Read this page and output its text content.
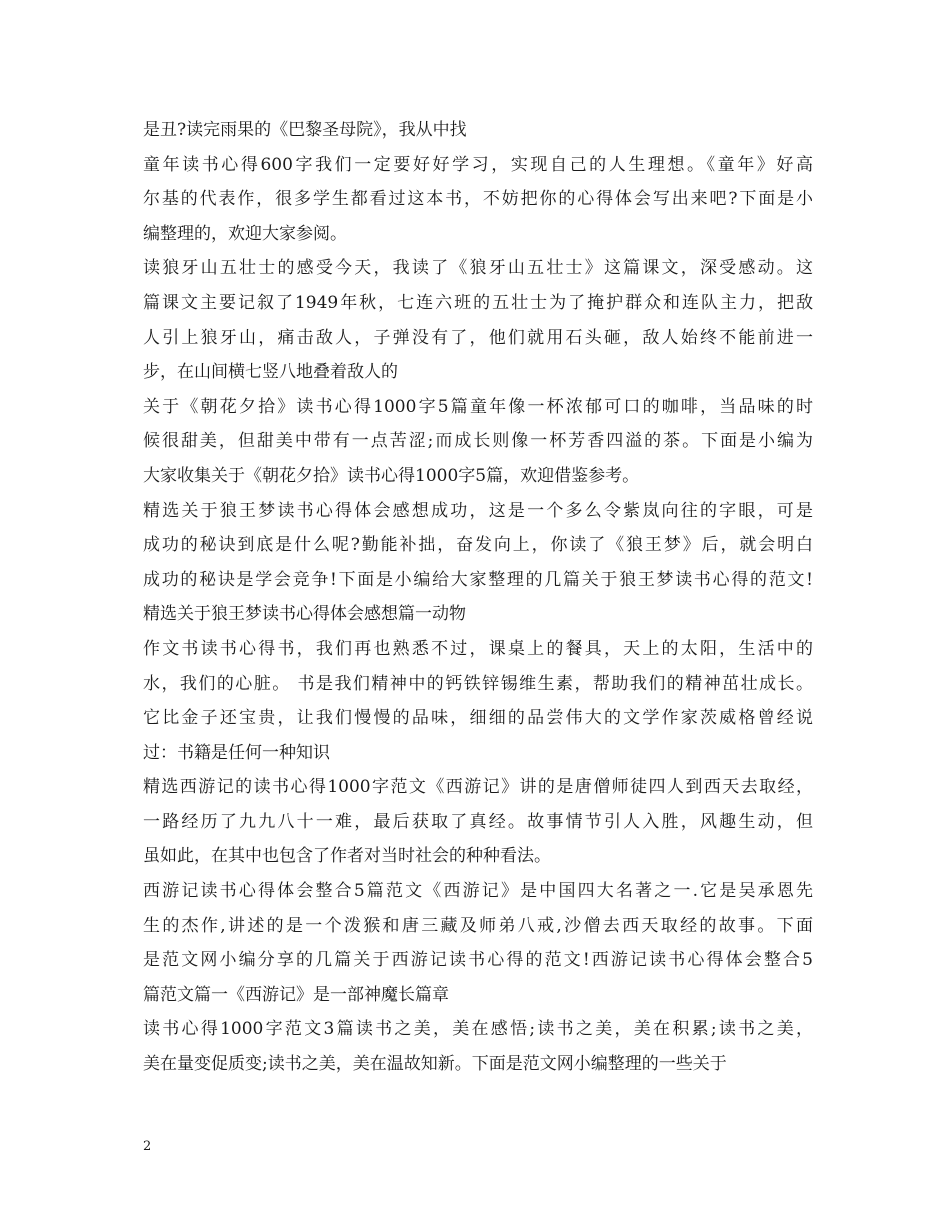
是丑?读完雨果的《巴黎圣母院》，我从中找
童年读书心得600字我们一定要好好学习，实现自己的人生理想。《童年》好高
尔基的代表作，很多学生都看过这本书，不妨把你的心得体会写出来吧?下面是小
编整理的，欢迎大家参阅。
读狼牙山五壮士的感受今天，我读了《狼牙山五壮士》这篇课文，深受感动。这
篇课文主要记叙了1949年秋，七连六班的五壮士为了掩护群众和连队主力，把敌
人引上狼牙山，痛击敌人，子弹没有了，他们就用石头砸，敌人始终不能前进一
步，在山间横七竖八地叠着敌人的
关于《朝花夕拾》读书心得1000字5篇童年像一杯浓郁可口的咖啡，当品味的时
候很甜美，但甜美中带有一点苦涩;而成长则像一杯芳香四溢的茶。下面是小编为
大家收集关于《朝花夕拾》读书心得1000字5篇，欢迎借鉴参考。
精选关于狼王梦读书心得体会感想成功，这是一个多么令紫岚向往的字眼，可是
成功的秘诀到底是什么呢?勤能补拙，奋发向上，你读了《狼王梦》后，就会明白
成功的秘诀是学会竞争!下面是小编给大家整理的几篇关于狼王梦读书心得的范文!
精选关于狼王梦读书心得体会感想篇一动物
作文书读书心得书，我们再也熟悉不过，课桌上的餐具，天上的太阳，生活中的
水，我们的心脏。 书是我们精神中的钙铁锌锡维生素，帮助我们的精神茁壮成长。
它比金子还宝贵，让我们慢慢的品味，细细的品尝伟大的文学作家茨威格曾经说
过：书籍是任何一种知识
精选西游记的读书心得1000字范文《西游记》讲的是唐僧师徒四人到西天去取经，
一路经历了九九八十一难，最后获取了真经。故事情节引人入胜，风趣生动，但
虽如此，在其中也包含了作者对当时社会的种种看法。
西游记读书心得体会整合5篇范文《西游记》是中国四大名著之一.它是吴承恩先
生的杰作,讲述的是一个泼猴和唐三藏及师弟八戒,沙僧去西天取经的故事。下面
是范文网小编分享的几篇关于西游记读书心得的范文!西游记读书心得体会整合5
篇范文篇一《西游记》是一部神魔长篇章
读书心得1000字范文3篇读书之美，美在感悟;读书之美，美在积累;读书之美，
美在量变促质变;读书之美，美在温故知新。下面是范文网小编整理的一些关于
2
